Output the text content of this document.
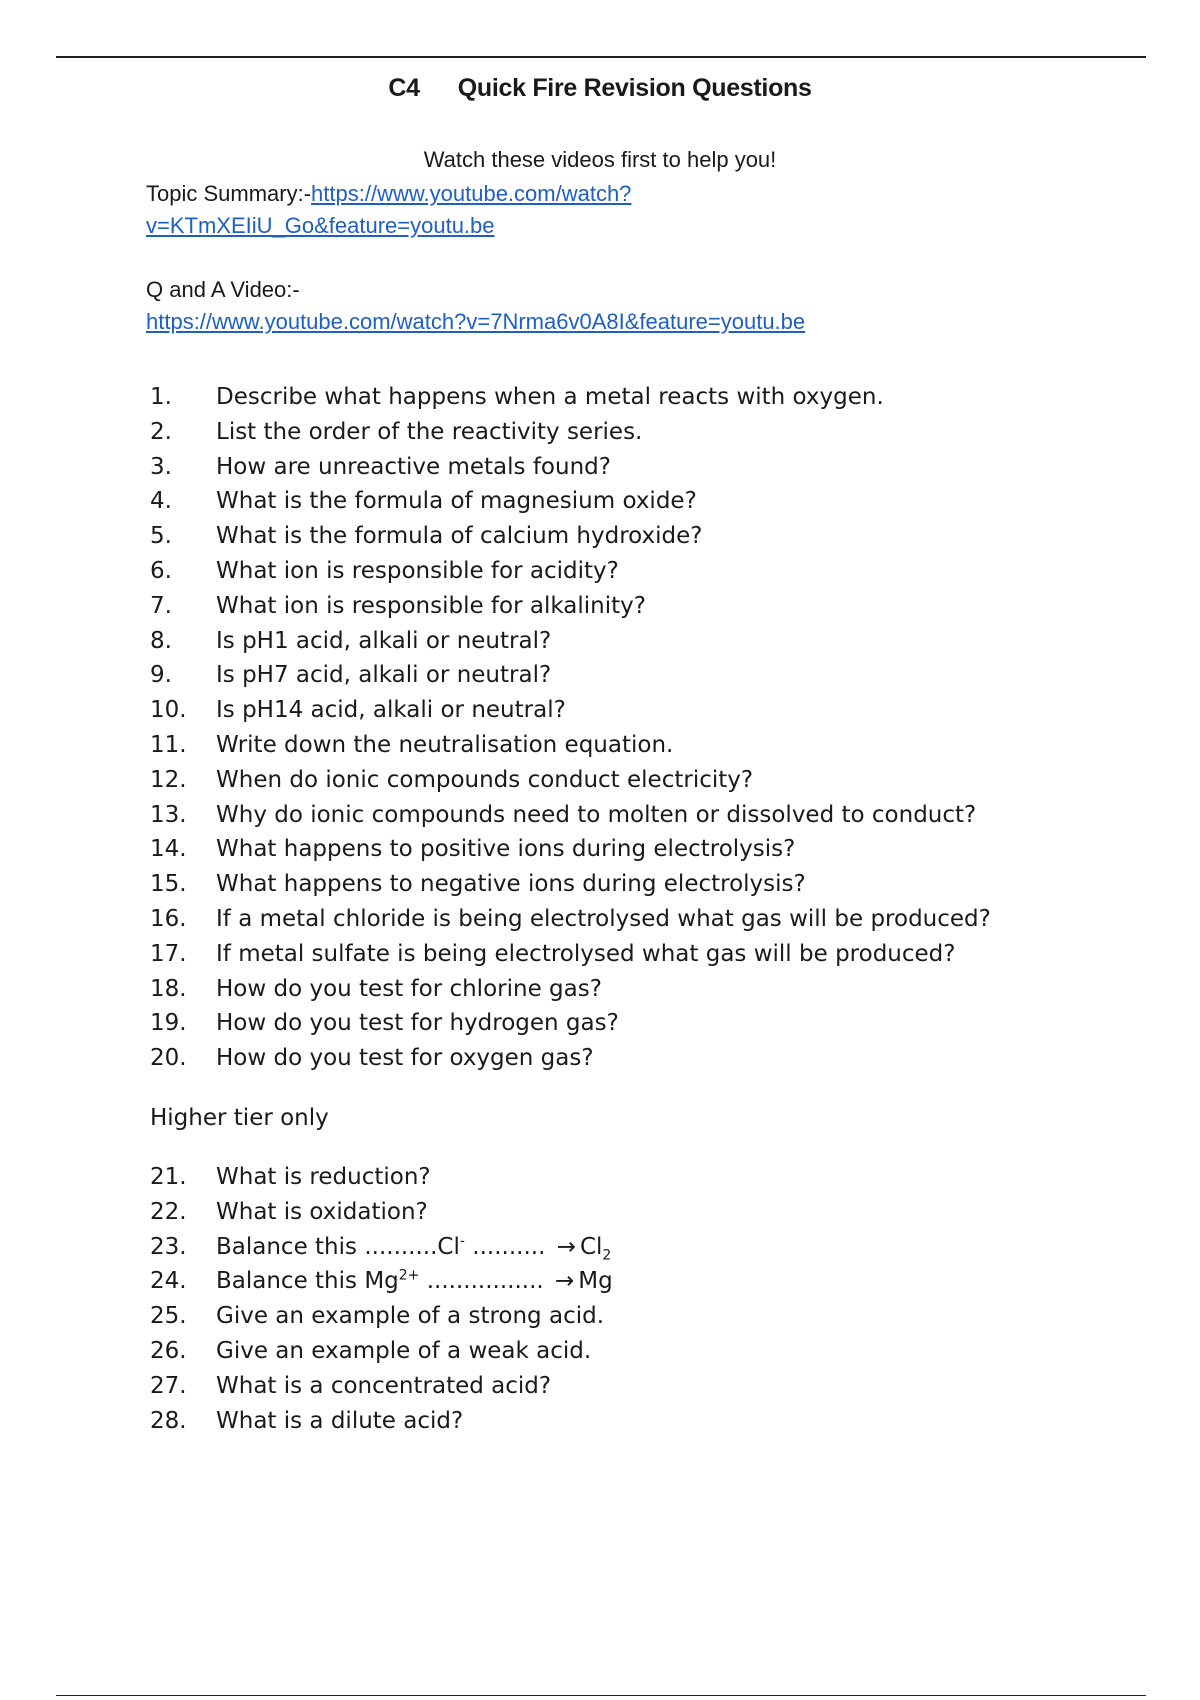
C4 Quick Fire Revision Questions
Watch these videos first to help you!
Topic Summary:-https://www.youtube.com/watch?
v=KTmXEIiU_Go&feature=youtu.be
Q and A Video:-
https://www.youtube.com/watch?v=7Nrma6v0A8I&feature=youtu.be
1. Describe what happens when a metal reacts with oxygen.
2. List the order of the reactivity series.
3. How are unreactive metals found?
4. What is the formula of magnesium oxide?
5. What is the formula of calcium hydroxide?
6. What ion is responsible for acidity?
7. What ion is responsible for alkalinity?
8. Is pH1 acid, alkali or neutral?
9. Is pH7 acid, alkali or neutral?
10. Is pH14 acid, alkali or neutral?
11. Write down the neutralisation equation.
12. When do ionic compounds conduct electricity?
13. Why do ionic compounds need to molten or dissolved to conduct?
14. What happens to positive ions during electrolysis?
15. What happens to negative ions during electrolysis?
16. If a metal chloride is being electrolysed what gas will be produced?
17. If metal sulfate is being electrolysed what gas will be produced?
18. How do you test for chlorine gas?
19. How do you test for hydrogen gas?
20. How do you test for oxygen gas?
Higher tier only
21. What is reduction?
22. What is oxidation?
23. Balance this ..........Cl- .......... → $Cl_2$
24. Balance this $Mg^{2+}$ ................ → Mg
25. Give an example of a strong acid.
26. Give an example of a weak acid.
27. What is a concentrated acid?
28. What is a dilute acid?
